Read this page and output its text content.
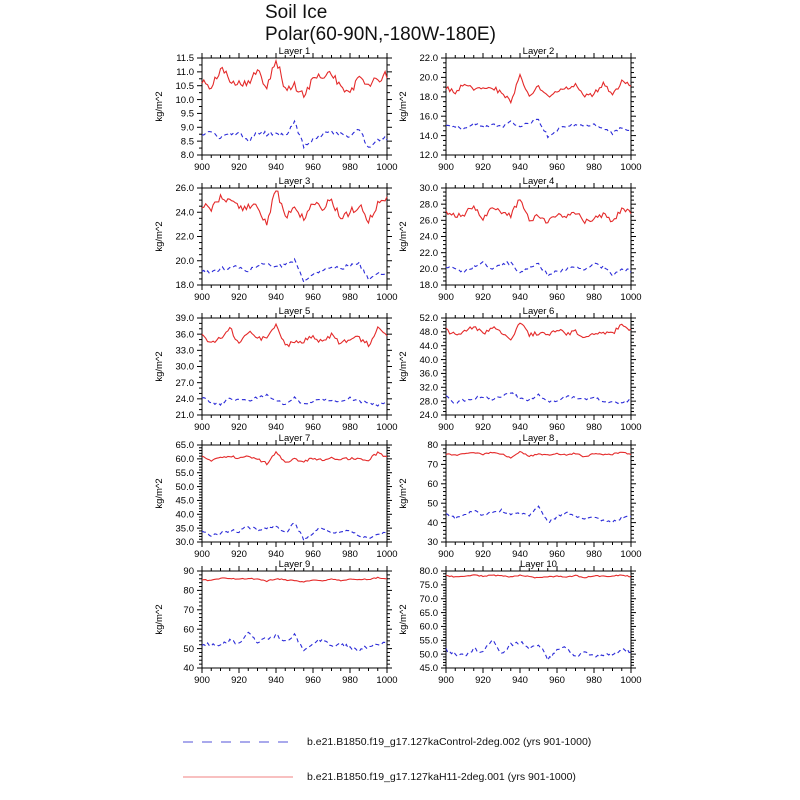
Soil Ice
Polar(60-90N,-180W-180E)
900 920 940 960 980 1000
8.0
8.5
9.0
9.5
10.0
10.5
11.0
11.5
Layer 1
kg/m^2
900 920 940 960 980 1000
12.0
14.0
16.0
18.0
20.0
22.0
Layer 2
kg/m^2
900 920 940 960 980 1000
18.0
20.0
22.0
24.0
26.0
Layer 3
kg/m^2
900 920 940 960 980 1000
18.0
20.0
22.0
24.0
26.0
28.0
30.0
Layer 4
kg/m^2
900 920 940 960 980 1000
21.0
24.0
27.0
30.0
33.0
36.0
39.0
Layer 5
kg/m^2
900 920 940 960 980 1000
24.0
28.0
32.0
36.0
40.0
44.0
48.0
52.0
Layer 6
kg/m^2
900 920 940 960 980 1000
30.0
35.0
40.0
45.0
50.0
55.0
60.0
65.0
Layer 7
kg/m^2
900 920 940 960 980 1000
30
40
50
60
70
80
Layer 8
kg/m^2
900 920 940 960 980 1000
40
50
60
70
80
90
Layer 9
kg/m^2
900 920 940 960 980 1000
45.0
50.0
55.0
60.0
65.0
70.0
75.0
80.0
Layer 10
kg/m^2
b.e21.B1850.f19_g17.127kaControl-2deg.002 (yrs 901-1000)
b.e21.B1850.f19_g17.127kaH11-2deg.001 (yrs 901-1000)
